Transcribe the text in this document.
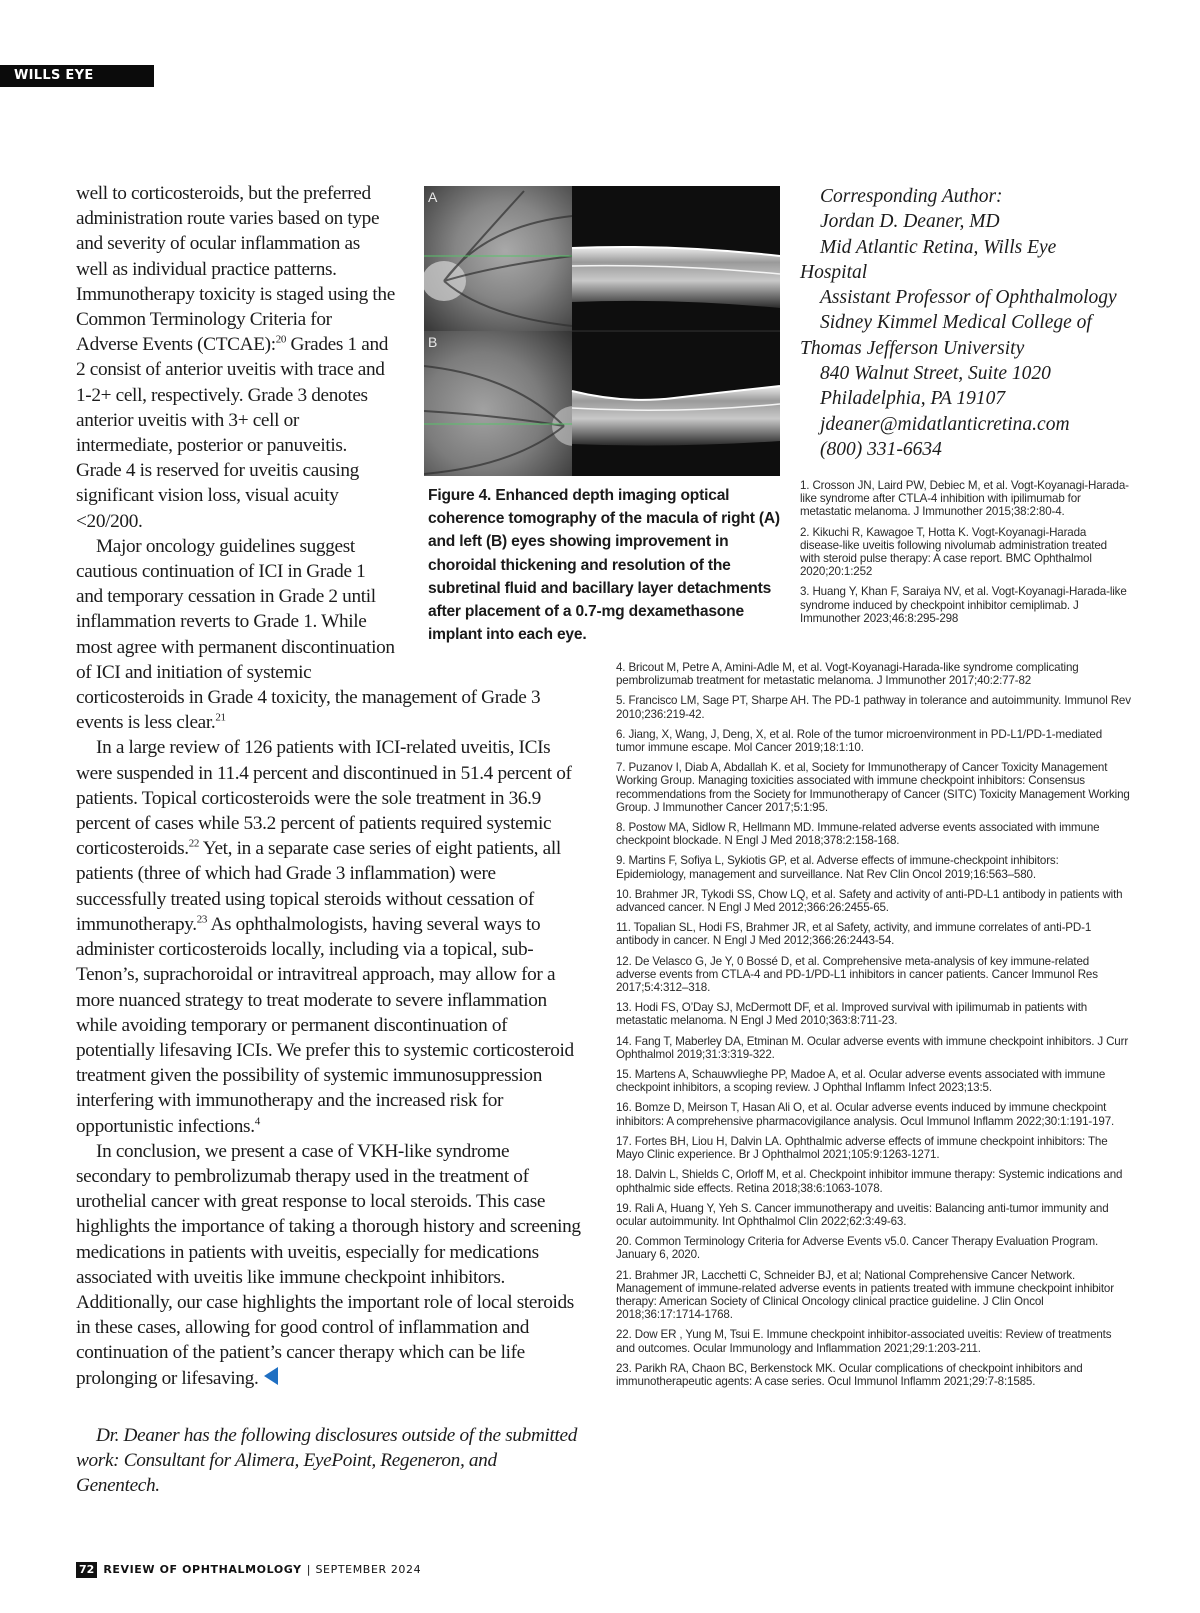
WILLS EYE

well to corticosteroids, but the preferred administration route varies based on type and severity of ocular inflammation as well as individual practice patterns. Immunotherapy toxicity is staged using the Common Terminology Criteria for Adverse Events (CTCAE):$^{20}$ Grades 1 and 2 consist of anterior uveitis with trace and 1-2+ cell, respectively. Grade 3 denotes anterior uveitis with 3+ cell or intermediate, posterior or panuveitis. Grade 4 is reserved for uveitis causing significant vision loss, visual acuity <20/200.

Major oncology guidelines suggest cautious continuation of ICI in Grade 1 and temporary cessation in Grade 2 until inflammation reverts to Grade 1. While most agree with permanent discontinuation of ICI and initiation of systemic

corticosteroids in Grade 4 toxicity, the management of Grade 3 events is less clear.$^{21}$

In a large review of 126 patients with ICI-related uveitis, ICIs were suspended in 11.4 percent and discontinued in 51.4 percent of patients. Topical corticosteroids were the sole treatment in 36.9 percent of cases while 53.2 percent of patients required systemic corticosteroids.$^{22}$ Yet, in a separate case series of eight patients, all patients (three of which had Grade 3 inflammation) were successfully treated using topical steroids without cessation of immunotherapy.$^{23}$ As ophthalmologists, having several ways to administer corticosteroids locally, including via a topical, sub-Tenon’s, suprachoroidal or intravitreal approach, may allow for a more nuanced strategy to treat moderate to severe inflammation while avoiding temporary or permanent discontinuation of potentially lifesaving ICIs. We prefer this to systemic corticosteroid treatment given the possibility of systemic immunosuppression interfering with immunotherapy and the increased risk for opportunistic infections.$^4$

In conclusion, we present a case of VKH-like syndrome secondary to pembrolizumab therapy used in the treatment of urothelial cancer with great response to local steroids. This case highlights the importance of taking a thorough history and screening medications in patients with uveitis, especially for medications associated with uveitis like immune checkpoint inhibitors. Additionally, our case highlights the important role of local steroids in these cases, allowing for good control of inflammation and continuation of the patient’s cancer therapy which can be life prolonging or lifesaving.

Dr. Deaner has the following disclosures outside of the submitted work: Consultant for Alimera, EyePoint, Regeneron, and Genentech.
A
B
Figure 4. Enhanced depth imaging optical coherence tomography of the macula of right (A) and left (B) eyes showing improvement in choroidal thickening and resolution of the subretinal fluid and bacillary layer detachments after placement of a 0.7-mg dexamethasone implant into each eye.
Corresponding Author:
Jordan D. Deaner, MD
Mid Atlantic Retina, Wills Eye
Hospital
Assistant Professor of Ophthalmology
Sidney Kimmel Medical College of
Thomas Jefferson University
840 Walnut Street, Suite 1020
Philadelphia, PA 19107
jdeaner@midatlanticretina.com
(800) 331-6634

1. Crosson JN, Laird PW, Debiec M, et al. Vogt-Koyanagi-Harada-like syndrome after CTLA-4 inhibition with ipilimumab for metastatic melanoma. J Immunother 2015;38:2:80-4.

2. Kikuchi R, Kawagoe T, Hotta K. Vogt-Koyanagi-Harada disease-like uveitis following nivolumab administration treated with steroid pulse therapy: A case report. BMC Ophthalmol 2020;20:1:252

3. Huang Y, Khan F, Saraiya NV, et al. Vogt-Koyanagi-Harada-like syndrome induced by checkpoint inhibitor cemiplimab. J Immunother 2023;46:8:295-298

4. Bricout M, Petre A, Amini-Adle M, et al. Vogt-Koyanagi-Harada-like syndrome complicating pembrolizumab treatment for metastatic melanoma. J Immunother 2017;40:2:77-82

5. Francisco LM, Sage PT, Sharpe AH. The PD-1 pathway in tolerance and autoimmunity. Immunol Rev 2010;236:219-42.

6. Jiang, X, Wang, J, Deng, X, et al. Role of the tumor microenvironment in PD-L1/PD-1-mediated tumor immune escape. Mol Cancer 2019;18:1:10.

7. Puzanov I, Diab A, Abdallah K. et al, Society for Immunotherapy of Cancer Toxicity Management Working Group. Managing toxicities associated with immune checkpoint inhibitors: Consensus recommendations from the Society for Immunotherapy of Cancer (SITC) Toxicity Management Working Group. J Immunother Cancer 2017;5:1:95.

8. Postow MA, Sidlow R, Hellmann MD. Immune-related adverse events associated with immune checkpoint blockade. N Engl J Med 2018;378:2:158-168.

9. Martins F, Sofiya L, Sykiotis GP, et al. Adverse effects of immune-checkpoint inhibitors: Epidemiology, management and surveillance. Nat Rev Clin Oncol 2019;16:563–580.

10. Brahmer JR, Tykodi SS, Chow LQ, et al. Safety and activity of anti-PD-L1 antibody in patients with advanced cancer. N Engl J Med 2012;366:26:2455-65.

11. Topalian SL, Hodi FS, Brahmer JR, et al Safety, activity, and immune correlates of anti-PD-1 antibody in cancer. N Engl J Med 2012;366:26:2443-54.

12. De Velasco G, Je Y, 0 Bossé D, et al. Comprehensive meta-analysis of key immune-related adverse events from CTLA-4 and PD-1/PD-L1 inhibitors in cancer patients. Cancer Immunol Res 2017;5:4:312–318.

13. Hodi FS, O’Day SJ, McDermott DF, et al. Improved survival with ipilimumab in patients with metastatic melanoma. N Engl J Med 2010;363:8:711-23.

14. Fang T, Maberley DA, Etminan M. Ocular adverse events with immune checkpoint inhibitors. J Curr Ophthalmol 2019;31:3:319-322.

15. Martens A, Schauwvlieghe PP, Madoe A, et al. Ocular adverse events associated with immune checkpoint inhibitors, a scoping review. J Ophthal Inflamm Infect 2023;13:5.

16. Bomze D, Meirson T, Hasan Ali O, et al. Ocular adverse events induced by immune checkpoint inhibitors: A comprehensive pharmacovigilance analysis. Ocul Immunol Inflamm 2022;30:1:191-197.

17. Fortes BH, Liou H, Dalvin LA. Ophthalmic adverse effects of immune checkpoint inhibitors: The Mayo Clinic experience. Br J Ophthalmol 2021;105:9:1263-1271.

18. Dalvin L, Shields C, Orloff M, et al. Checkpoint inhibitor immune therapy: Systemic indications and ophthalmic side effects. Retina 2018;38:6:1063-1078.

19. Rali A, Huang Y, Yeh S. Cancer immunotherapy and uveitis: Balancing anti-tumor immunity and ocular autoimmunity. Int Ophthalmol Clin 2022;62:3:49-63.

20. Common Terminology Criteria for Adverse Events v5.0. Cancer Therapy Evaluation Program. January 6, 2020.

21. Brahmer JR, Lacchetti C, Schneider BJ, et al; National Comprehensive Cancer Network. Management of immune-related adverse events in patients treated with immune checkpoint inhibitor therapy: American Society of Clinical Oncology clinical practice guideline. J Clin Oncol 2018;36:17:1714-1768.

22. Dow ER , Yung M, Tsui E. Immune checkpoint inhibitor-associated uveitis: Review of treatments and outcomes. Ocular Immunology and Inflammation 2021;29:1:203-211.

23. Parikh RA, Chaon BC, Berkenstock MK. Ocular complications of checkpoint inhibitors and immunotherapeutic agents: A case series. Ocul Immunol Inflamm 2021;29:7-8:1585.

72 REVIEW OF OPHTHALMOLOGY | SEPTEMBER 2024
